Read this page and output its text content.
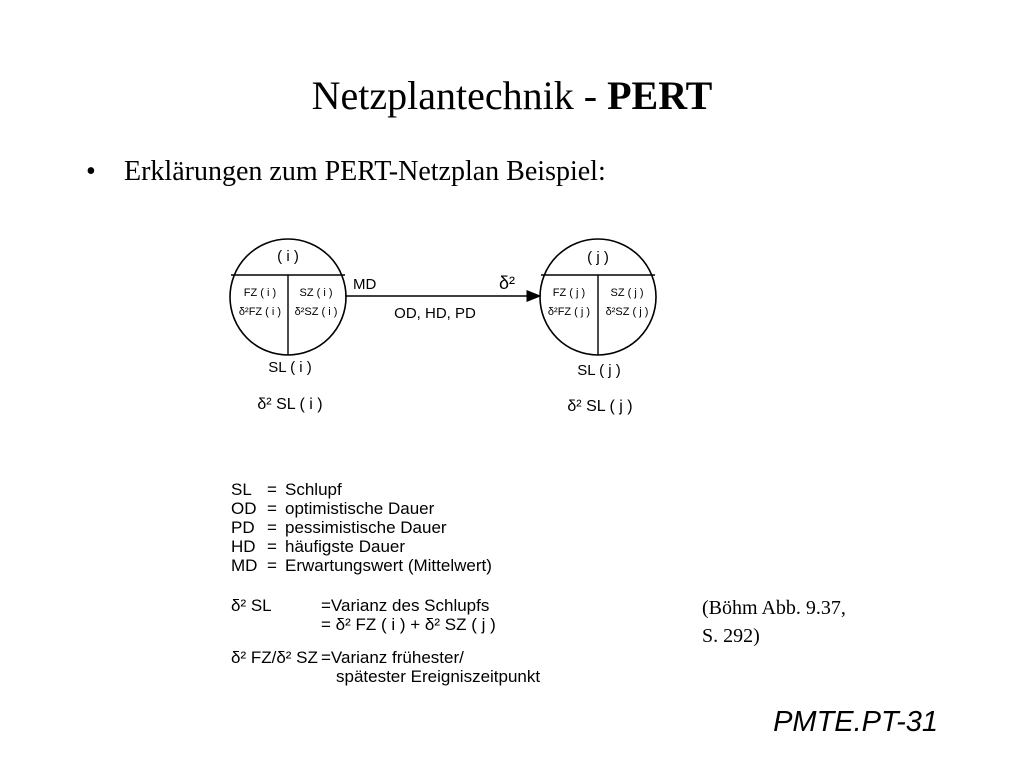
Netzplantechnik - PERT
•	Erklärungen zum PERT-Netzplan Beispiel:
( i )
FZ ( i ) SZ ( i )
δ²FZ ( i ) δ²SZ ( i )
SL ( i )
δ² SL ( i )
( j )
FZ ( j ) SZ ( j )
δ²FZ ( j ) δ²SZ ( j )
SL ( j )
δ² SL ( j )
MD	δ²
OD, HD, PD
SL = Schlupf
OD = optimistische Dauer
PD = pessimistische Dauer
HD = häufigste Dauer
MD = Erwartungswert (Mittelwert)
δ² SL	=Varianz des Schlupfs
= δ² FZ ( i ) + δ² SZ ( j )
δ² FZ/δ² SZ =Varianz frühester/
spätester Ereigniszeitpunkt
(Böhm Abb. 9.37,
S. 292)
PMTE.PT-31
